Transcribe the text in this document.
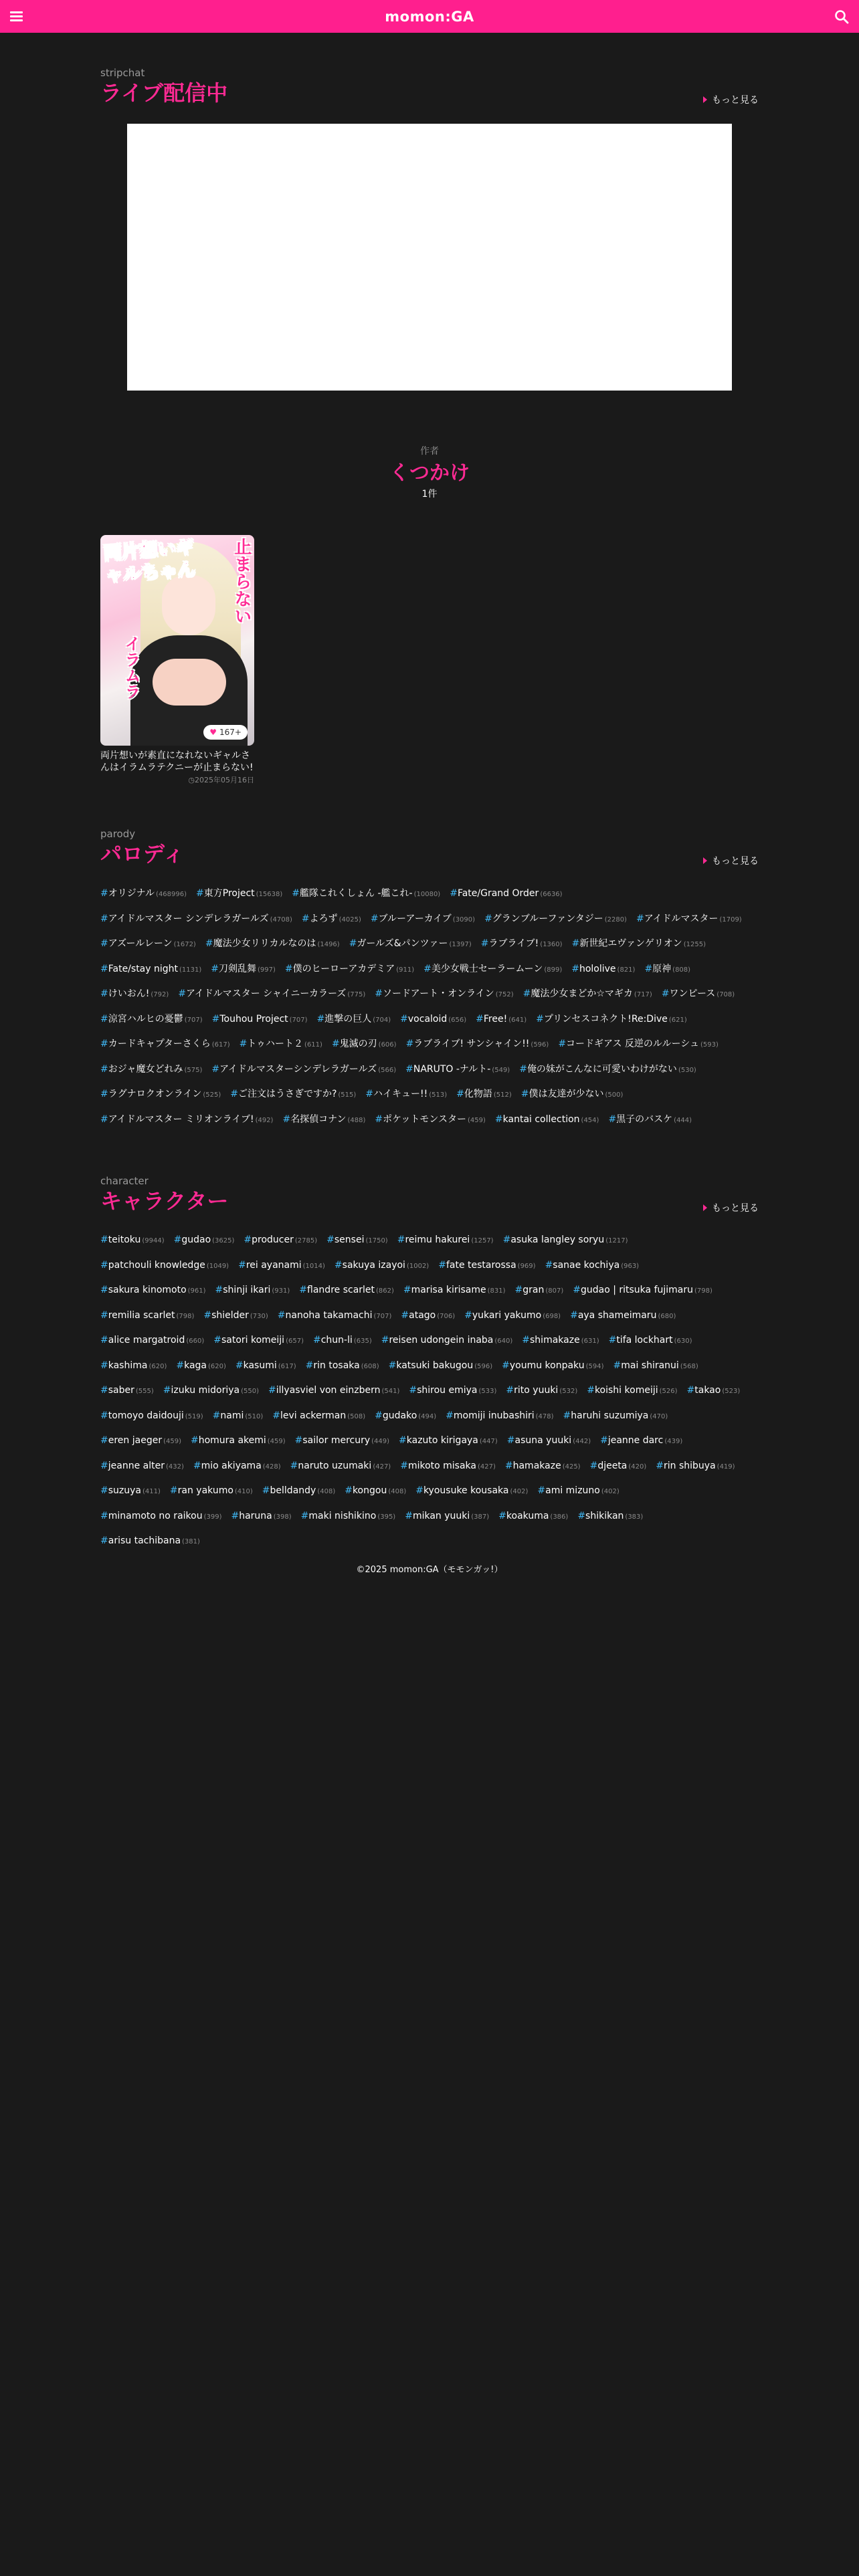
momon:GA
stripchat
ライブ配信中	もっと見る
作者
くつかけ
1件
両片想いギャルちゃん	止まらない
イラムラ
♥ 167+
両片想いが素直になれないギャルさんはイラムラテクニーが止まらない!
◷2025年05月16日
parody
パロディ	もっと見る
#オリジナル (468996) #東方Project (15638) #艦隊これくしょん -艦これ- (10080) #Fate/Grand Order (6636)
#アイドルマスター シンデレラガールズ (4708) #よろず (4025) #ブルーアーカイブ (3090) #グランブルーファンタジー (2280) #アイドルマスター (1709)
#アズールレーン (1672) #魔法少女リリカルなのは (1496) #ガールズ&パンツァー (1397) #ラブライブ! (1360) #新世紀エヴァンゲリオン (1255)
#Fate/stay night (1131) #刀剣乱舞 (997) #僕のヒーローアカデミア (911) #美少女戦士セーラームーン (899) #hololive (821) #原神 (808)
#けいおん! (792) #アイドルマスター シャイニーカラーズ (775) #ソードアート・オンライン (752) #魔法少女まどか☆マギカ (717) #ワンピース (708)
#涼宮ハルヒの憂鬱 (707) #Touhou Project (707) #進撃の巨人 (704) #vocaloid (656) #Free! (641) #プリンセスコネクト!Re:Dive (621)
#カードキャプターさくら (617) #トゥハート２ (611) #鬼滅の刃 (606) #ラブライブ! サンシャイン!! (596) #コードギアス 反逆のルルーシュ (593)
#おジャ魔女どれみ (575) #アイドルマスターシンデレラガールズ (566) #NARUTO -ナルト- (549) #俺の妹がこんなに可愛いわけがない (530)
#ラグナロクオンライン (525) #ご注文はうさぎですか? (515) #ハイキュー!! (513) #化物語 (512) #僕は友達が少ない (500)
#アイドルマスター ミリオンライブ! (492) #名探偵コナン (488) #ポケットモンスター (459) #kantai collection (454) #黒子のバスケ (444)
character
キャラクター	もっと見る
#teitoku (9944) #gudao (3625) #producer (2785) #sensei (1750) #reimu hakurei (1257) #asuka langley soryu (1217)
#patchouli knowledge (1049) #rei ayanami (1014) #sakuya izayoi (1002) #fate testarossa (969) #sanae kochiya (963)
#sakura kinomoto (961) #shinji ikari (931) #flandre scarlet (862) #marisa kirisame (831) #gran (807) #gudao | ritsuka fujimaru (798)
#remilia scarlet (798) #shielder (730) #nanoha takamachi (707) #atago (706) #yukari yakumo (698) #aya shameimaru (680)
#alice margatroid (660) #satori komeiji (657) #chun-li (635) #reisen udongein inaba (640) #shimakaze (631) #tifa lockhart (630)
#kashima (620) #kaga (620) #kasumi (617) #rin tosaka (608) #katsuki bakugou (596) #youmu konpaku (594) #mai shiranui (568)
#saber (555) #izuku midoriya (550) #illyasviel von einzbern (541) #shirou emiya (533) #rito yuuki (532) #koishi komeiji (526) #takao (523)
#tomoyo daidouji (519) #nami (510) #levi ackerman (508) #gudako (494) #momiji inubashiri (478) #haruhi suzumiya (470)
#eren jaeger (459) #homura akemi (459) #sailor mercury (449) #kazuto kirigaya (447) #asuna yuuki (442) #jeanne darc (439)
#jeanne alter (432) #mio akiyama (428) #naruto uzumaki (427) #mikoto misaka (427) #hamakaze (425) #djeeta (420) #rin shibuya (419)
#suzuya (411) #ran yakumo (410) #belldandy (408) #kongou (408) #kyousuke kousaka (402) #ami mizuno (402)
#minamoto no raikou (399) #haruna (398) #maki nishikino (395) #mikan yuuki (387) #koakuma (386) #shikikan (383)
#arisu tachibana (381)
©2025 momon:GA（モモンガッ!）
